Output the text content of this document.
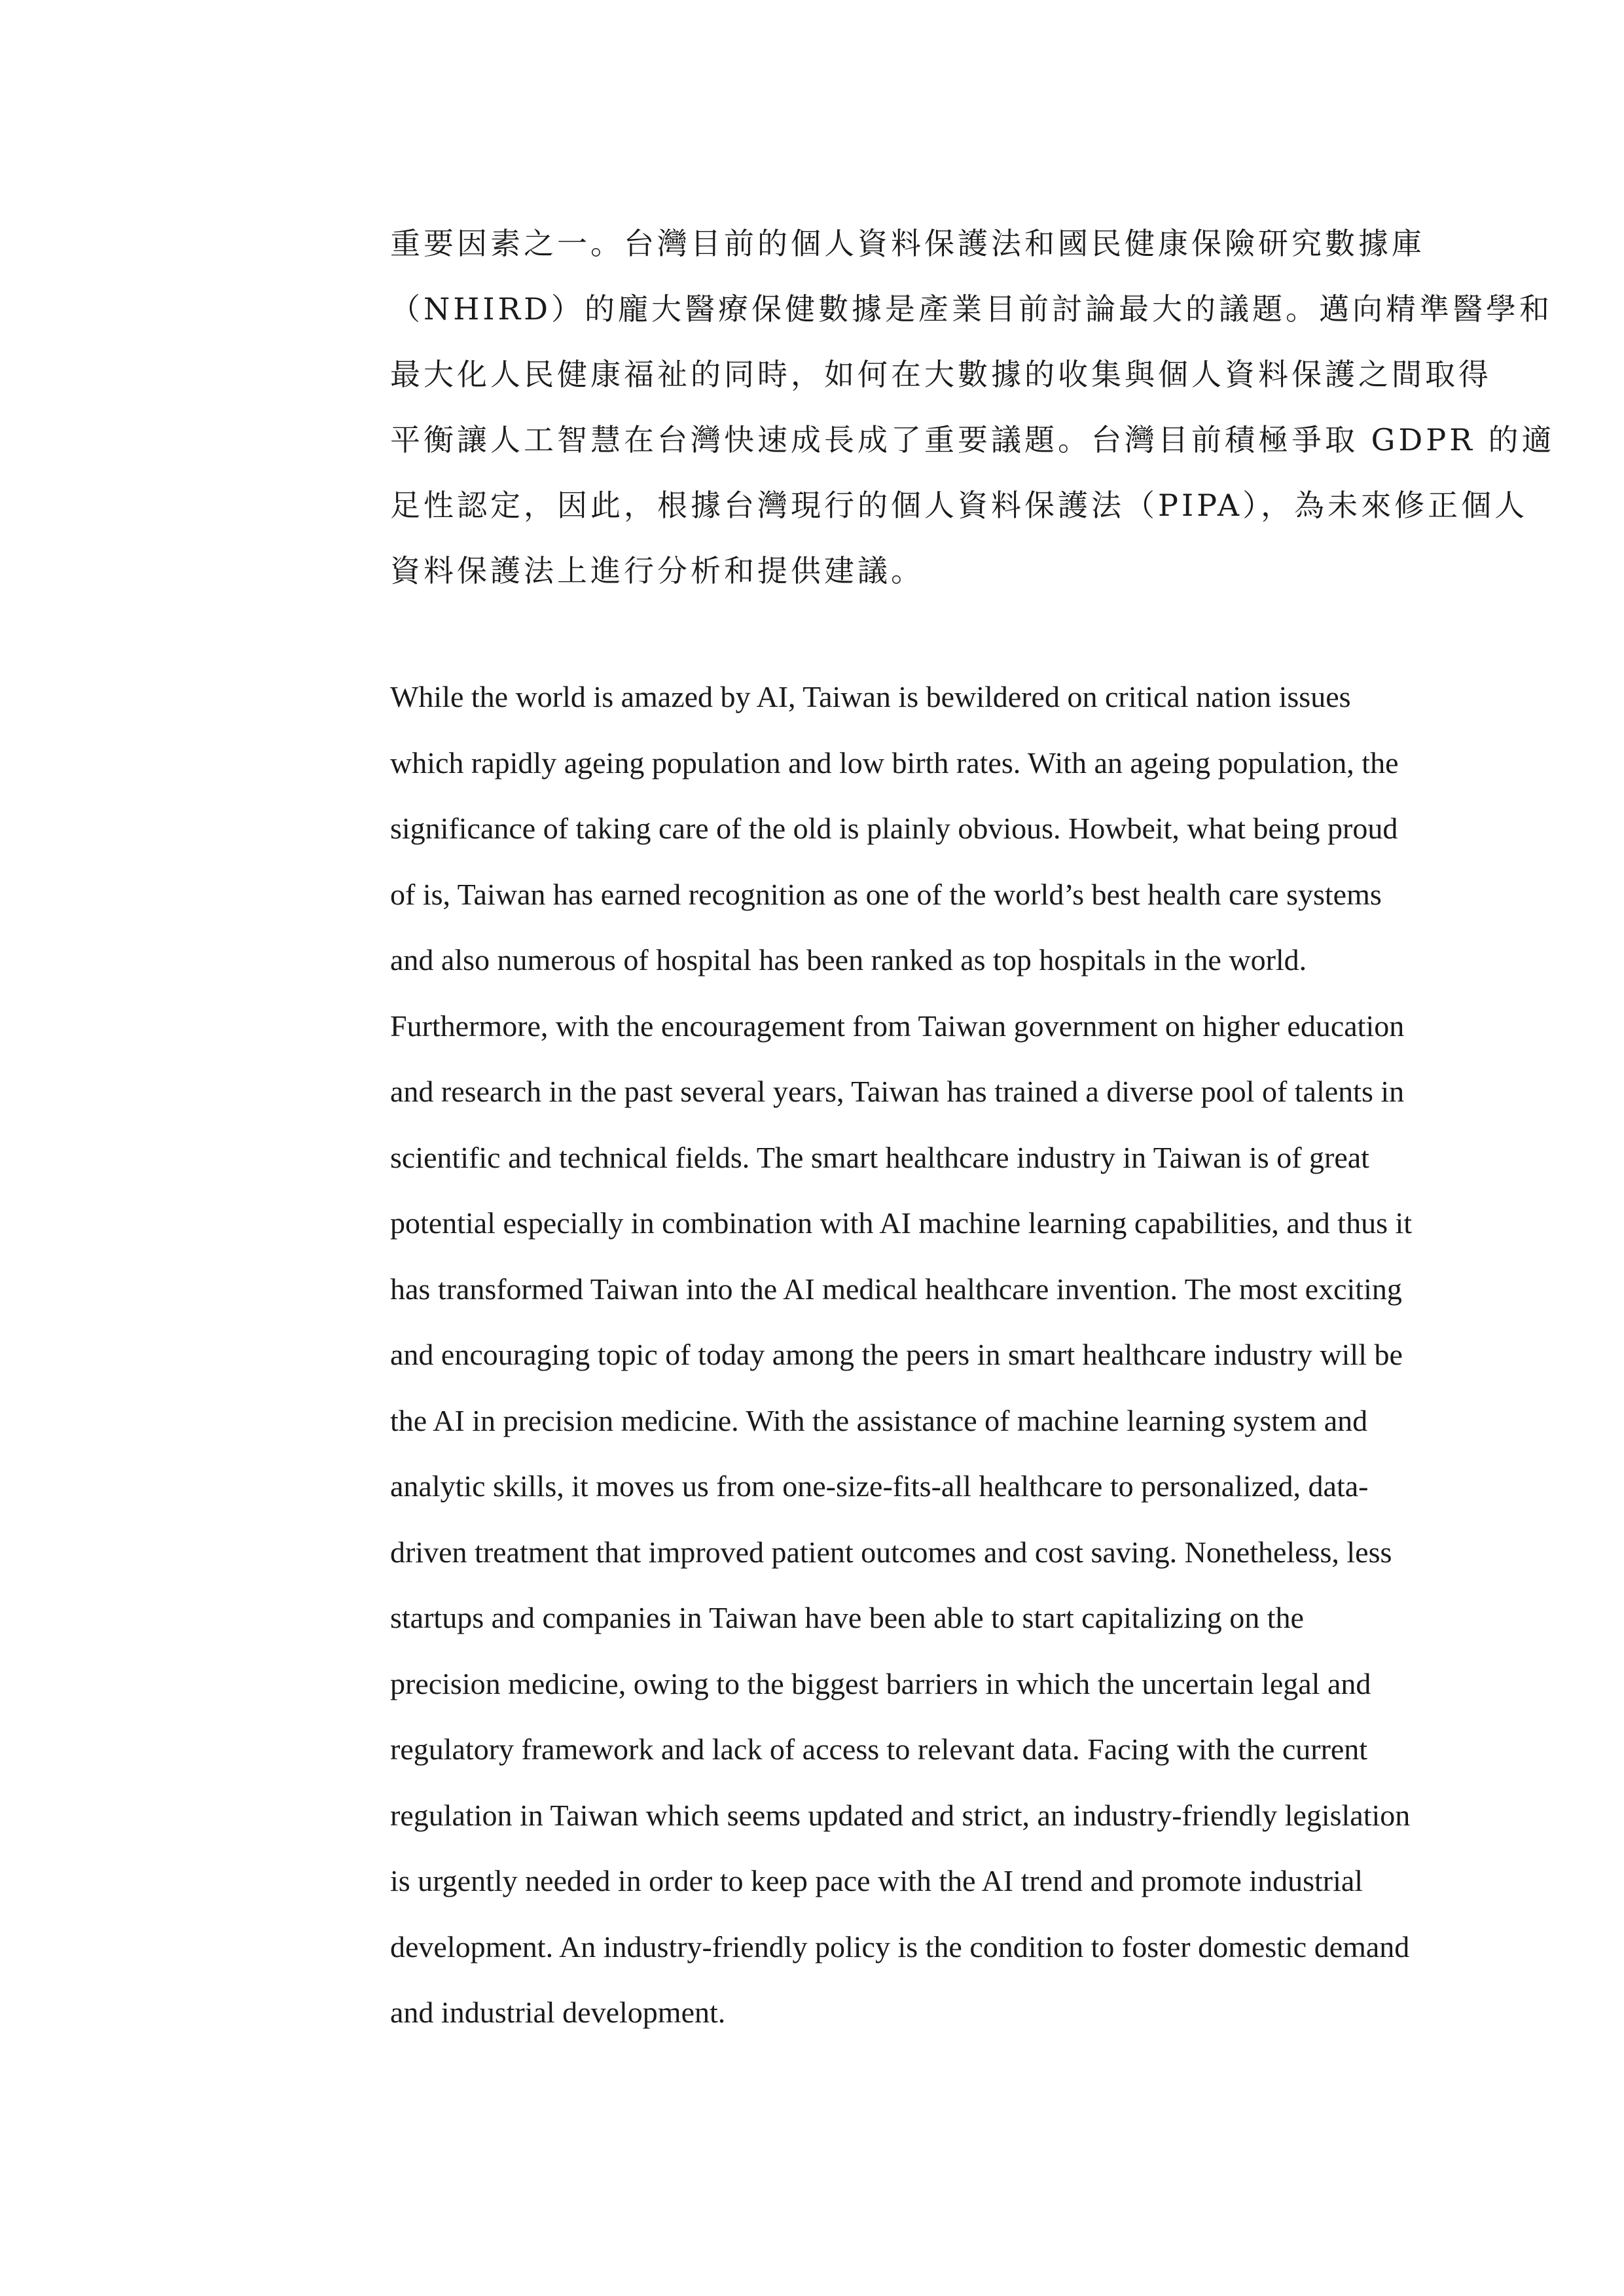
重要因素之一。台灣目前的個人資料保護法和國民健康保險研究數據庫
（NHIRD）的龐大醫療保健數據是產業目前討論最大的議題。邁向精準醫學和
最大化人民健康福祉的同時，如何在大數據的收集與個人資料保護之間取得
平衡讓人工智慧在台灣快速成長成了重要議題。台灣目前積極爭取 GDPR 的適
足性認定，因此，根據台灣現行的個人資料保護法（PIPA），為未來修正個人
資料保護法上進行分析和提供建議。
While the world is amazed by AI, Taiwan is bewildered on critical nation issues
which rapidly ageing population and low birth rates. With an ageing population, the
significance of taking care of the old is plainly obvious. Howbeit, what being proud
of is, Taiwan has earned recognition as one of the world’s best health care systems
and also numerous of hospital has been ranked as top hospitals in the world.
Furthermore, with the encouragement from Taiwan government on higher education
and research in the past several years, Taiwan has trained a diverse pool of talents in
scientific and technical fields. The smart healthcare industry in Taiwan is of great
potential especially in combination with AI machine learning capabilities, and thus it
has transformed Taiwan into the AI medical healthcare invention. The most exciting
and encouraging topic of today among the peers in smart healthcare industry will be
the AI in precision medicine. With the assistance of machine learning system and
analytic skills, it moves us from one-size-fits-all healthcare to personalized, data-
driven treatment that improved patient outcomes and cost saving. Nonetheless, less
startups and companies in Taiwan have been able to start capitalizing on the
precision medicine, owing to the biggest barriers in which the uncertain legal and
regulatory framework and lack of access to relevant data. Facing with the current
regulation in Taiwan which seems updated and strict, an industry-friendly legislation
is urgently needed in order to keep pace with the AI trend and promote industrial
development. An industry-friendly policy is the condition to foster domestic demand
and industrial development.
